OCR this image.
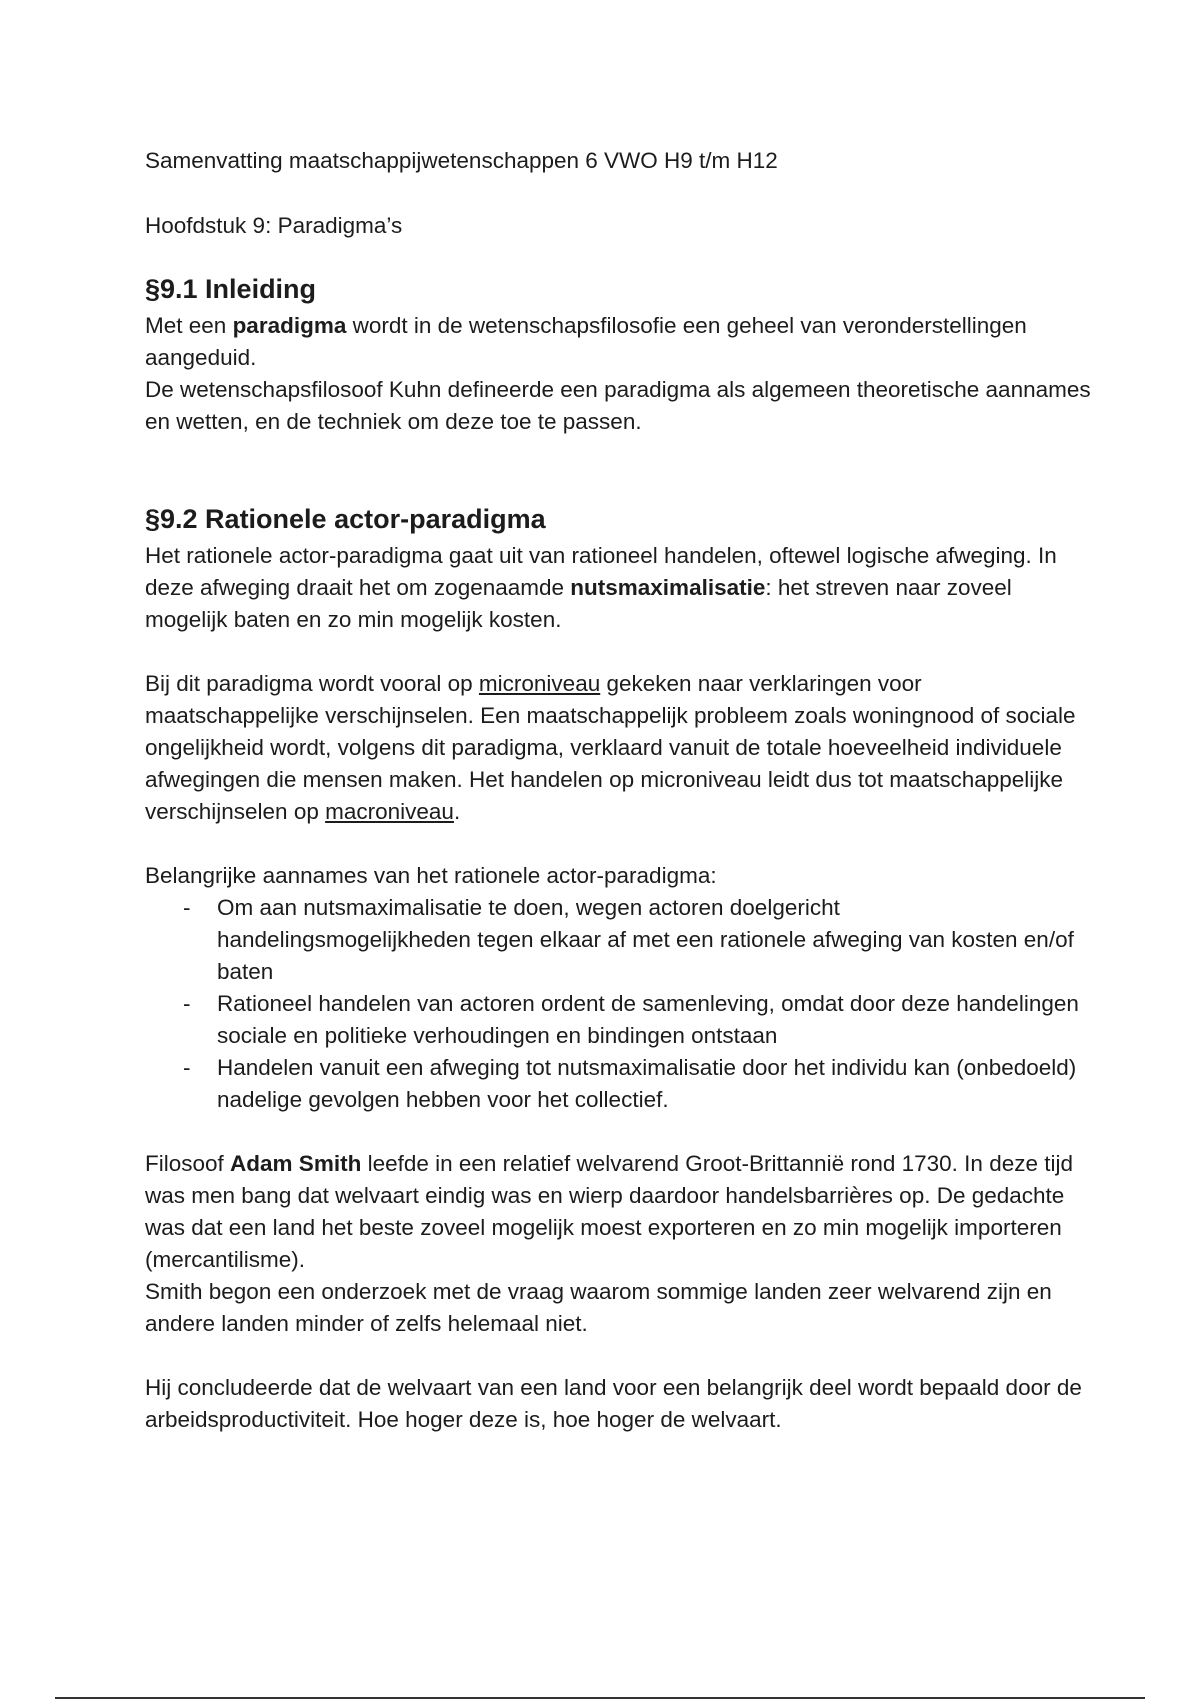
Samenvatting maatschappijwetenschappen 6 VWO H9 t/m H12

Hoofdstuk 9: Paradigma’s

§9.1 Inleiding

Met een paradigma wordt in de wetenschapsfilosofie een geheel van veronderstellingen aangeduid.

De wetenschapsfilosoof Kuhn defineerde een paradigma als algemeen theoretische aannames en wetten, en de techniek om deze toe te passen.

§9.2 Rationele actor-paradigma

Het rationele actor-paradigma gaat uit van rationeel handelen, oftewel logische afweging. In deze afweging draait het om zogenaamde nutsmaximalisatie: het streven naar zoveel mogelijk baten en zo min mogelijk kosten.

Bij dit paradigma wordt vooral op microniveau gekeken naar verklaringen voor maatschappelijke verschijnselen. Een maatschappelijk probleem zoals woningnood of sociale ongelijkheid wordt, volgens dit paradigma, verklaard vanuit de totale hoeveelheid individuele afwegingen die mensen maken. Het handelen op microniveau leidt dus tot maatschappelijke verschijnselen op macroniveau.

Belangrijke aannames van het rationele actor-paradigma:

- Om aan nutsmaximalisatie te doen, wegen actoren doelgericht handelingsmogelijkheden tegen elkaar af met een rationele afweging van kosten en/of baten
- Rationeel handelen van actoren ordent de samenleving, omdat door deze handelingen sociale en politieke verhoudingen en bindingen ontstaan
- Handelen vanuit een afweging tot nutsmaximalisatie door het individu kan (onbedoeld) nadelige gevolgen hebben voor het collectief.

Filosoof Adam Smith leefde in een relatief welvarend Groot-Brittannië rond 1730. In deze tijd was men bang dat welvaart eindig was en wierp daardoor handelsbarrières op. De gedachte was dat een land het beste zoveel mogelijk moest exporteren en zo min mogelijk importeren (mercantilisme).

Smith begon een onderzoek met de vraag waarom sommige landen zeer welvarend zijn en andere landen minder of zelfs helemaal niet.

Hij concludeerde dat de welvaart van een land voor een belangrijk deel wordt bepaald door de arbeidsproductiviteit. Hoe hoger deze is, hoe hoger de welvaart.
